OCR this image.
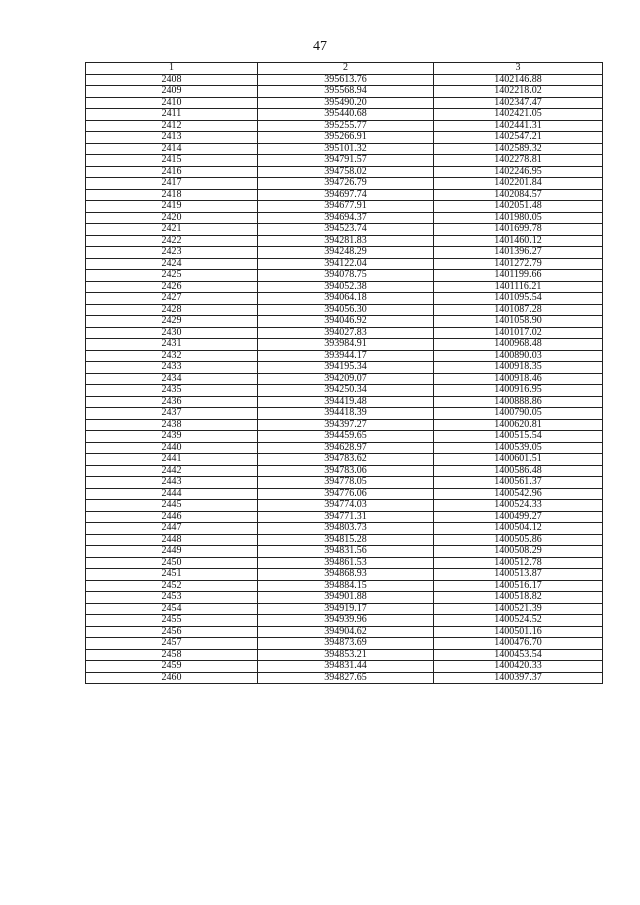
47
1	2	3
2408	395613.76	1402146.88
2409	395568.94	1402218.02
2410	395490.20	1402347.47
2411	395440.68	1402421.05
2412	395255.77	1402441.31
2413	395266.91	1402547.21
2414	395101.32	1402589.32
2415	394791.57	1402278.81
2416	394758.02	1402246.95
2417	394726.79	1402201.84
2418	394697.74	1402084.57
2419	394677.91	1402051.48
2420	394694.37	1401980.05
2421	394523.74	1401699.78
2422	394281.83	1401460.12
2423	394248.29	1401396.27
2424	394122.04	1401272.79
2425	394078.75	1401199.66
2426	394052.38	1401116.21
2427	394064.18	1401095.54
2428	394056.30	1401087.28
2429	394046.92	1401058.90
2430	394027.83	1401017.02
2431	393984.91	1400968.48
2432	393944.17	1400890.03
2433	394195.34	1400918.35
2434	394209.07	1400918.46
2435	394250.34	1400916.95
2436	394419.48	1400888.86
2437	394418.39	1400790.05
2438	394397.27	1400620.81
2439	394459.65	1400515.54
2440	394628.97	1400539.05
2441	394783.62	1400601.51
2442	394783.06	1400586.48
2443	394778.05	1400561.37
2444	394776.06	1400542.96
2445	394774.03	1400524.33
2446	394771.31	1400499.27
2447	394803.73	1400504.12
2448	394815.28	1400505.86
2449	394831.56	1400508.29
2450	394861.53	1400512.78
2451	394868.93	1400513.87
2452	394884.15	1400516.17
2453	394901.88	1400518.82
2454	394919.17	1400521.39
2455	394939.96	1400524.52
2456	394904.62	1400501.16
2457	394873.69	1400476.70
2458	394853.21	1400453.54
2459	394831.44	1400420.33
2460	394827.65	1400397.37
